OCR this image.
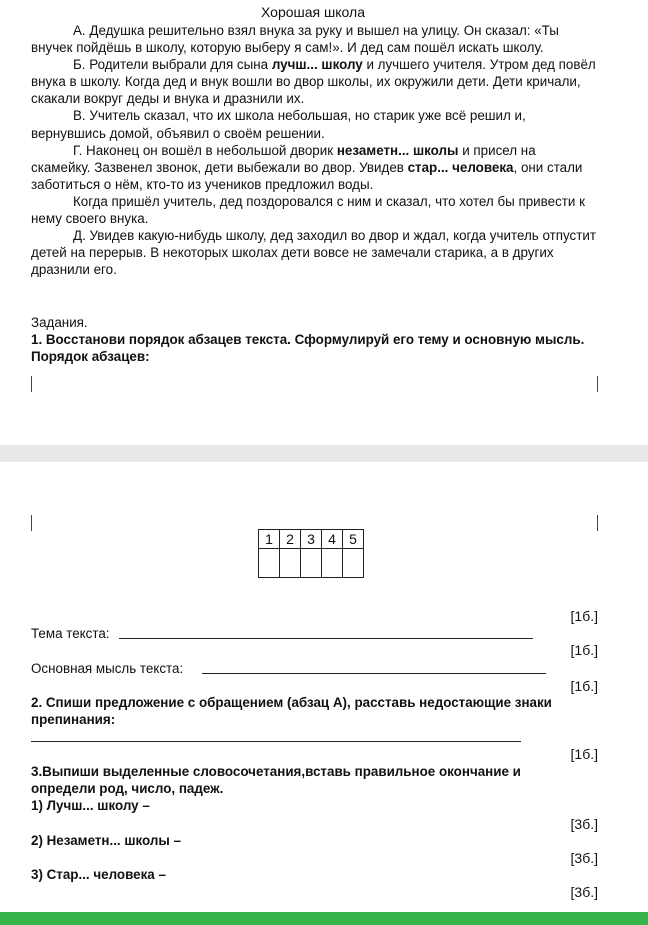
Хорошая школа

А. Дедушка решительно взял внука за руку и вышел на улицу. Он сказал: «Ты внучек пойдёшь в школу, которую выберу я сам!». И дед сам пошёл искать школу.

Б. Родители выбрали для сына лучш... школу и лучшего учителя. Утром дед повёл внука в школу. Когда дед и внук вошли во двор школы, их окружили дети. Дети кричали, скакали вокруг деды и внука и дразнили их.

В. Учитель сказал, что их школа небольшая, но старик уже всё решил и, вернувшись домой, объявил о своём решении.

Г. Наконец он вошёл в небольшой дворик незаметн... школы и присел на скамейку. Зазвенел звонок, дети выбежали во двор. Увидев стар... человека, они стали заботиться о нём, кто-то из учеников предложил воды.

Когда пришёл учитель, дед поздоровался с ним и сказал, что хотел бы привести к нему своего внука.

Д. Увидев какую-нибудь школу, дед заходил во двор и ждал, когда учитель отпустит детей на перерыв. В некоторых школах дети вовсе не замечали старика, а в других дразнили его.

Задания.
1. Восстанови порядок абзацев текста. Сформулируй его тему и основную мысль.
Порядок абзацев:
1	2	3	4	5

[1б.]
Тема текста:
[1б.]
Основная мысль текста:
[1б.]
2. Спиши предложение с обращением (абзац А), расставь недостающие знаки препинания:
[1б.]
3.Выпиши выделенные словосочетания,вставь правильное окончание и определи род, число, падеж.
1) Лучш... школу –
[3б.]
2) Незаметн... школы –
[3б.]
3) Стар... человека –
[3б.]
